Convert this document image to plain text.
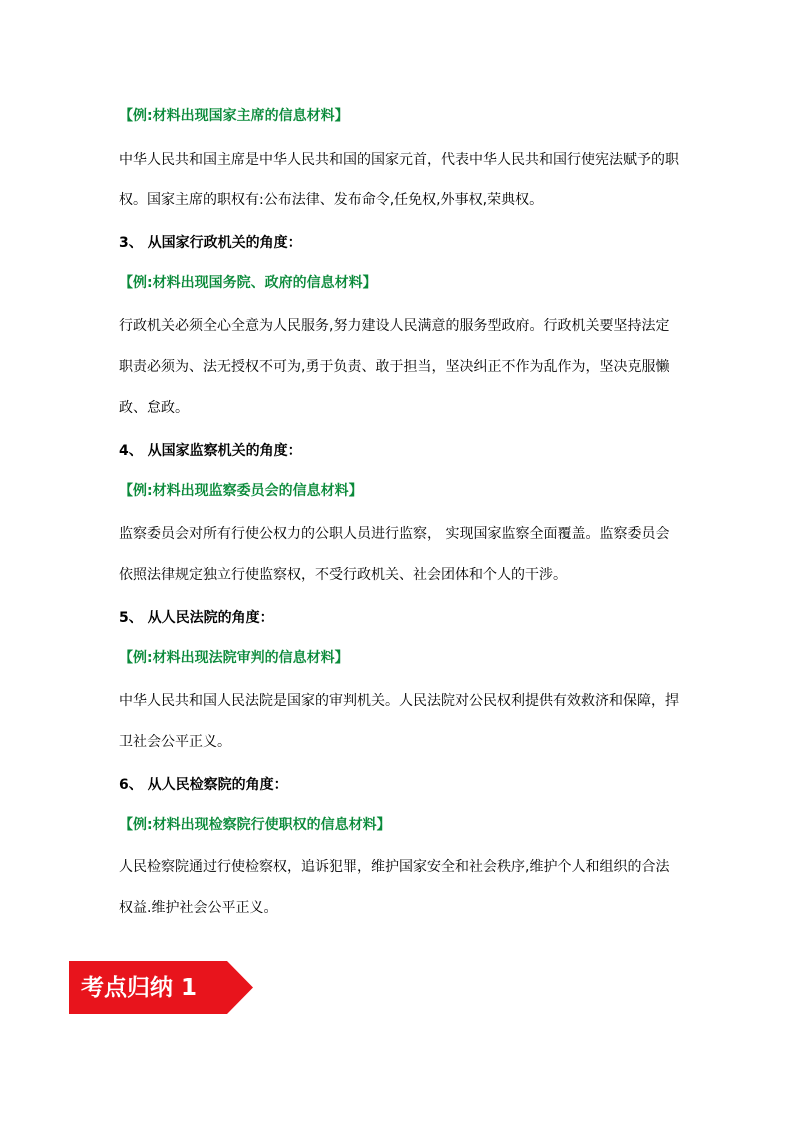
【例:材料出现国家主席的信息材料】
中华人民共和国主席是中华人民共和国的国家元首，代表中华人民共和国行使宪法赋予的职
权。国家主席的职权有:公布法律、发布命令,任免权,外事权,荣典权。
3、 从国家行政机关的角度：
【例:材料出现国务院、政府的信息材料】
行政机关必须全心全意为人民服务,努力建设人民满意的服务型政府。行政机关要坚持法定
职责必须为、法无授权不可为,勇于负责、敢于担当，坚决纠正不作为乱作为，坚决克服懒
政、怠政。
4、 从国家监察机关的角度：
【例:材料出现监察委员会的信息材料】
监察委员会对所有行使公权力的公职人员进行监察， 实现国家监察全面覆盖。监察委员会
依照法律规定独立行使监察权，不受行政机关、社会团体和个人的干涉。
5、 从人民法院的角度：
【例:材料出现法院审判的信息材料】
中华人民共和国人民法院是国家的审判机关。人民法院对公民权利提供有效救济和保障，捍
卫社会公平正义。
6、 从人民检察院的角度：
【例:材料出现检察院行使职权的信息材料】
人民检察院通过行使检察权，追诉犯罪，维护国家安全和社会秩序,维护个人和组织的合法
权益.维护社会公平正义。
考点归纳 1
